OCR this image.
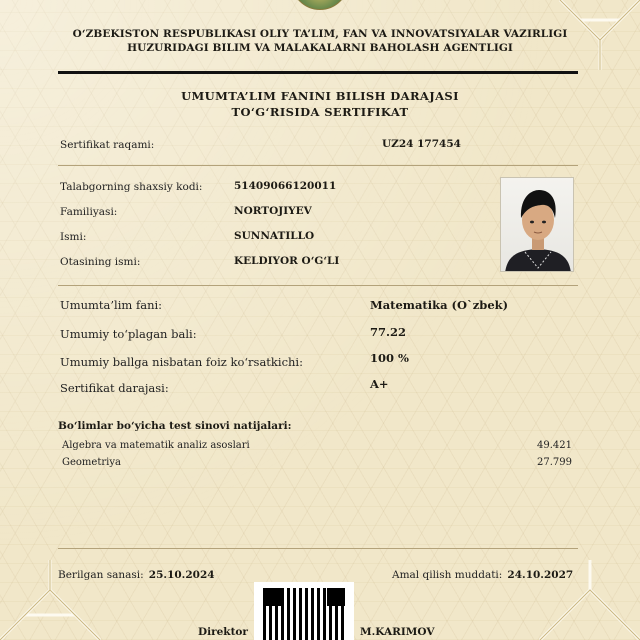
O‘ZBEKISTON RESPUBLIKASI OLIY TA’LIM, FAN VA INNOVATSIYALAR VAZIRLIGI
HUZURIDAGI BILIM VA MALAKALARNI BAHOLASH AGENTLIGI
UMUMTA’LIM FANINI BILISH DARAJASI
TO‘G‘RISIDA SERTIFIKAT
Sertifikat raqami:	UZ24 177454
Talabgorning shaxsiy kodi:	51409066120011
Familiyasi:	NORTOJIYEV
Ismi:	SUNNATILLO
Otasining ismi:	KELDIYOR O‘G‘LI
Umumta’lim fani:	Matematika (O`zbek)
Umumiy to‘plagan bali:	77.22
Umumiy ballga nisbatan foiz ko‘rsatkichi:	100 %
Sertifikat darajasi:	A+
Bo‘limlar bo‘yicha test sinovi natijalari:
Algebra va matematik analiz asoslari	49.421
Geometriya	27.799
Berilgan sanasi: 25.10.2024	Amal qilish muddati: 24.10.2027
Direktor	M.KARIMOV
